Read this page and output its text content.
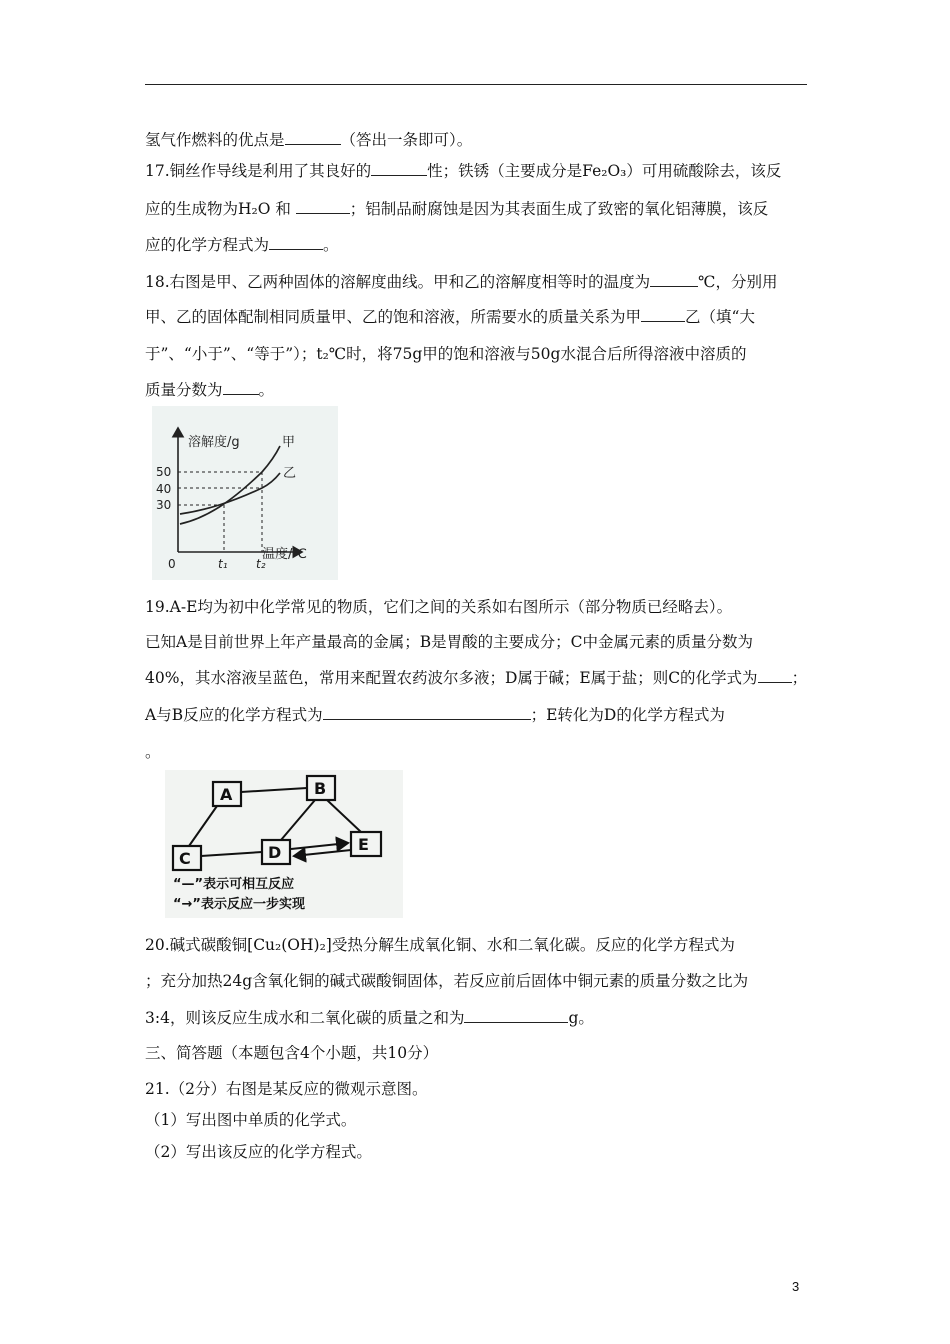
氢气作燃料的优点是	（答出一条即可）。
17.铜丝作导线是利用了其良好的	性；铁锈（主要成分是Fe₂O₃）可用硫酸除去，该反
应的生成物为H₂O 和	；铝制品耐腐蚀是因为其表面生成了致密的氧化铝薄膜，该反
应的化学方程式为	。
18.右图是甲、乙两种固体的溶解度曲线。甲和乙的溶解度相等时的温度为	℃，分别用
甲、乙的固体配制相同质量甲、乙的饱和溶液，所需要水的质量关系为甲	乙（填“大
于”、“小于”、“等于”）；t₂℃时，将75g甲的饱和溶液与50g水混合后所得溶液中溶质的
质量分数为 。
溶解度/g
温度/℃
0
50
40
30
甲
乙
t₁ t₂
19.A-E均为初中化学常见的物质，它们之间的关系如右图所示（部分物质已经略去）。
已知A是目前世界上年产量最高的金属；B是胃酸的主要成分；C中金属元素的质量分数为
40%，其水溶液呈蓝色，常用来配置农药波尔多液；D属于碱；E属于盐；则C的化学式为 ；
A与B反应的化学方程式为	；E转化为D的化学方程式为
。
A	B
C	D	E
“—”表示可相互反应
“→”表示反应一步实现
20.碱式碳酸铜[Cu₂(OH)₂]受热分解生成氧化铜、水和二氧化碳。反应的化学方程式为
；充分加热24g含氧化铜的碱式碳酸铜固体，若反应前后固体中铜元素的质量分数之比为
3:4，则该反应生成水和二氧化碳的质量之和为	g。
三、简答题（本题包含4个小题，共10分）
21.（2分）右图是某反应的微观示意图。
（1）写出图中单质的化学式。
（2）写出该反应的化学方程式。
3
